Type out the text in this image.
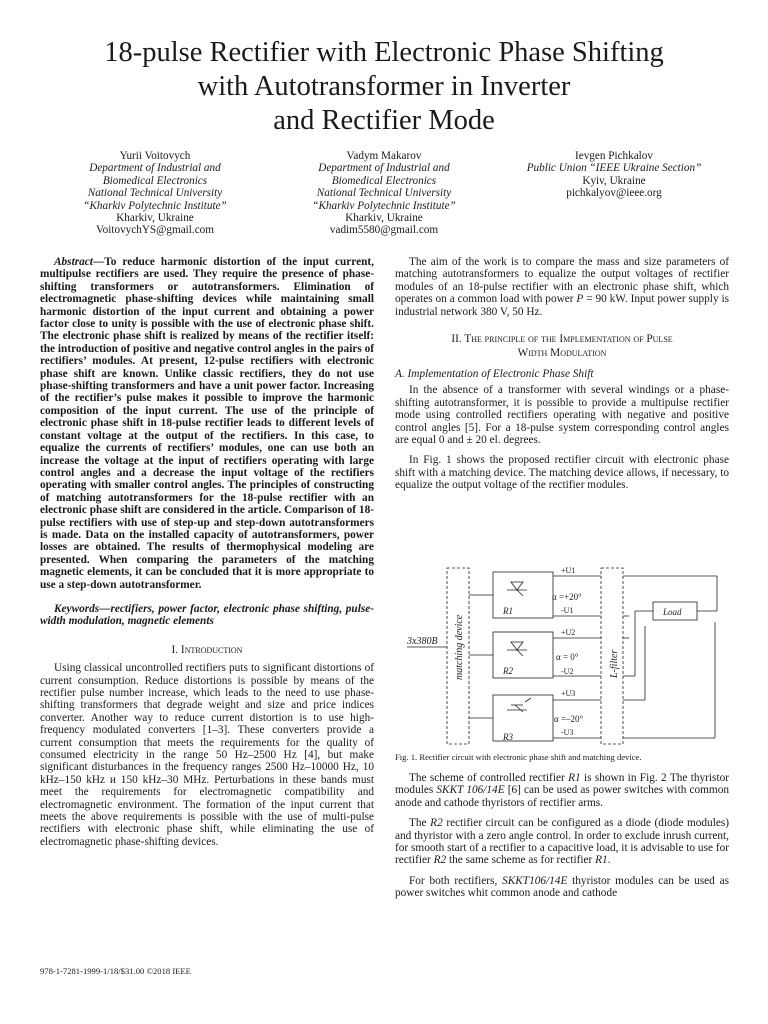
18-pulse Rectifier with Electronic Phase Shifting
with Autotransformer in Inverter
and Rectifier Mode
Yurii Voitovych
Department of Industrial and
Biomedical Electronics
National Technical University
“Kharkiv Polytechnic Institute”
Kharkiv, Ukraine
VoitovychYS@gmail.com
Vadym Makarov
Department of Industrial and
Biomedical Electronics
National Technical University
“Kharkiv Polytechnic Institute”
Kharkiv, Ukraine
vadim5580@gmail.com
Ievgen Pichkalov
Public Union “IEEE Ukraine Section”
Kyiv, Ukraine
pichkalyov@ieee.org
Abstract—To reduce harmonic distortion of the input current, multipulse rectifiers are used. They require the presence of phase-shifting transformers or autotransformers. Elimination of electromagnetic phase-shifting devices while maintaining small harmonic distortion of the input current and obtaining a power factor close to unity is possible with the use of electronic phase shift. The electronic phase shift is realized by means of the rectifier itself: the introduction of positive and negative control angles in the pairs of rectifiers’ modules. At present, 12-pulse rectifiers with electronic phase shift are known. Unlike classic rectifiers, they do not use phase-shifting transformers and have a unit power factor. Increasing of the rectifier’s pulse makes it possible to improve the harmonic composition of the input current. The use of the principle of electronic phase shift in 18-pulse rectifier leads to different levels of constant voltage at the output of the rectifiers. In this case, to equalize the currents of rectifiers’ modules, one can use both an increase the voltage at the input of rectifiers operating with large control angles and a decrease the input voltage of the rectifiers operating with smaller control angles. The principles of constructing of matching autotransformers for the 18-pulse rectifier with an electronic phase shift are considered in the article. Comparison of 18-pulse rectifiers with use of step-up and step-down autotransformers is made. Data on the installed capacity of autotransformers, power losses are obtained. The results of thermophysical modeling are presented. When comparing the parameters of the matching magnetic elements, it can be concluded that it is more appropriate to use a step-down autotransformer.
Keywords—rectifiers, power factor, electronic phase shifting, pulse-width modulation, magnetic elements
I. Introduction

Using classical uncontrolled rectifiers puts to significant distortions of current consumption. Reduce distortions is possible by means of the rectifier pulse number increase, which leads to the need to use phase-shifting transformers that degrade weight and size and price indices converter. Another way to reduce current distortion is to use high-frequency modulated converters [1–3]. These converters provide a current consumption that meets the requirements for the quality of consumed electricity in the range 50 Hz–2500 Hz [4], but make significant disturbances in the frequency ranges 2500 Hz–10000 Hz, 10 kHz–150 kHz и 150 kHz–30 MHz. Perturbations in these bands must meet the requirements for electromagnetic compatibility and electromagnetic environment. The formation of the input current that meets the above requirements is possible with the use of multi-pulse rectifiers with electronic phase shift, while eliminating the use of electromagnetic phase-shifting devices.

The aim of the work is to compare the mass and size parameters of matching autotransformers to equalize the output voltages of rectifier modules of an 18-pulse rectifier with an electronic phase shift, which operates on a common load with power P = 90 kW. Input power supply is industrial network 380 V, 50 Hz.

II. The principle of the Implementation of Pulse
Width Modulation
A. Implementation of Electronic Phase Shift

In the absence of a transformer with several windings or a phase-shifting autotransformer, it is possible to provide a multipulse rectifier mode using controlled rectifiers operating with negative and positive control angles [5]. For a 18-pulse system corresponding control angles are equal 0 and ± 20 el. degrees.

In Fig. 1 shows the proposed rectifier circuit with electronic phase shift with a matching device. The matching device allows, if necessary, to equalize the output voltage of the rectifier modules.

matching device	L-filter
3x380B
R1
R2
R3
α =+20°
α = 0°
α =–20°
+U1
-U1
+U2
-U2
+U3
-U3
Load
Fig. 1. Rectifier circuit with electronic phase shift and matching device.

The scheme of controlled rectifier R1 is shown in Fig. 2 The thyristor modules SKKT 106/14E [6] can be used as power switches with common anode and cathode thyristors of rectifier arms.

The R2 rectifier circuit can be configured as a diode (diode modules) and thyristor with a zero angle control. In order to exclude inrush current, for smooth start of a rectifier to a capacitive load, it is advisable to use for rectifier R2 the same scheme as for rectifier R1.

For both rectifiers, SKKT106/14E thyristor modules can be used as power switches whit common anode and cathode

978-1-7281-1999-1/18/$31.00 ©2018 IEEE
